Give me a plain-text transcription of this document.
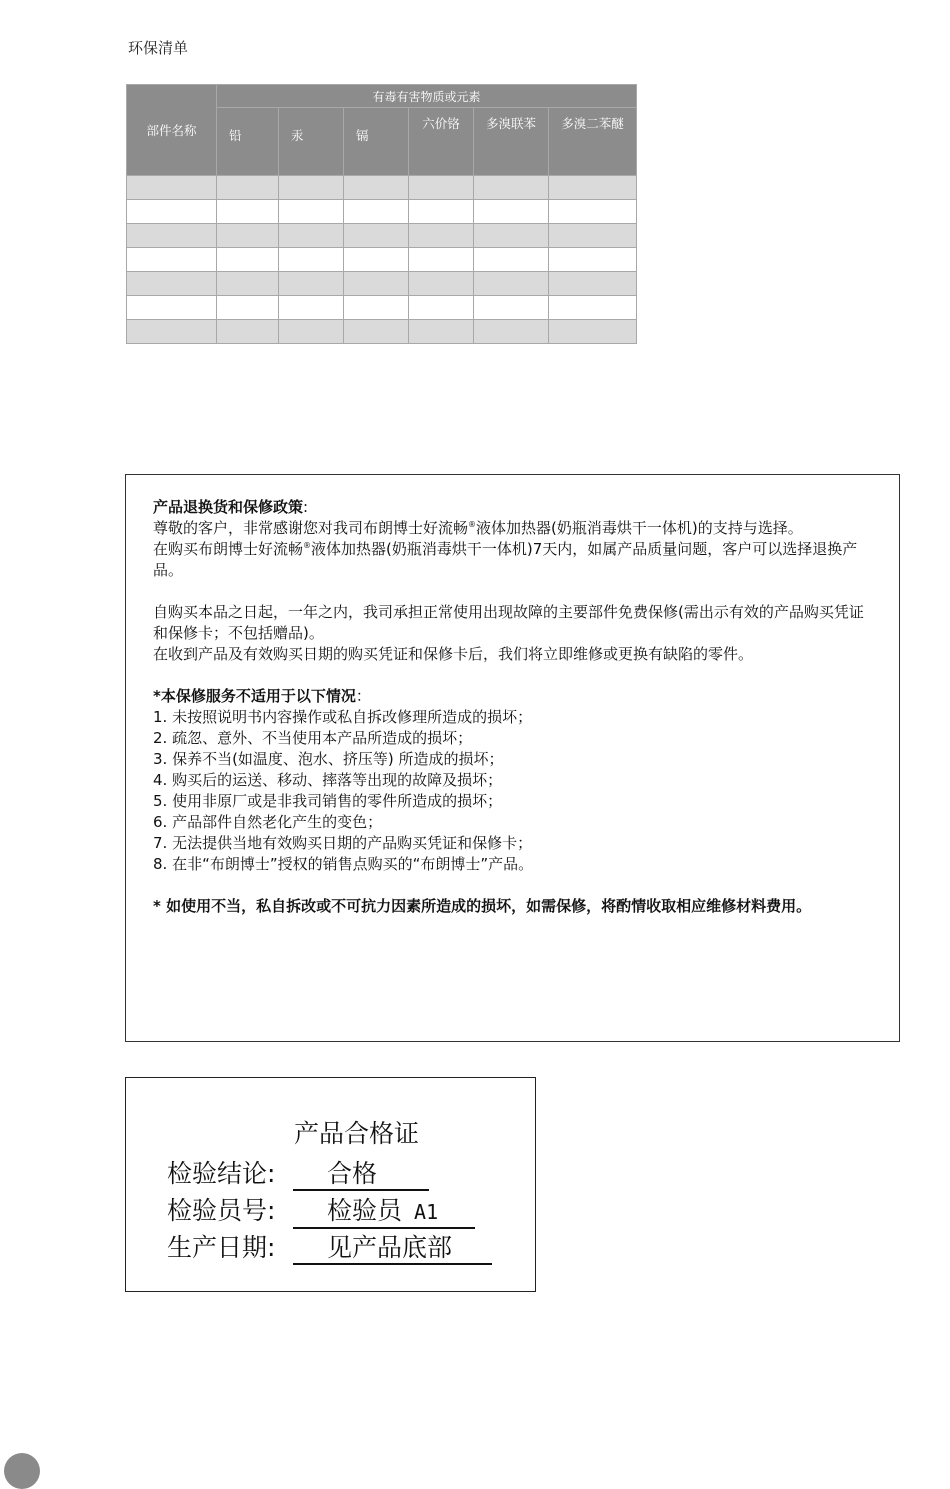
环保清单
部件名称	有毒有害物质或元素					
	铅	汞	镉	六价铬	多溴联苯	多溴二苯醚

产品退换货和保修政策:

尊敬的客户，非常感谢您对我司布朗博士好流畅®液体加热器(奶瓶消毒烘干一体机)的支持与选择。

在购买布朗博士好流畅®液体加热器(奶瓶消毒烘干一体机)7天内，如属产品质量问题，客户可以选择退换产品。

自购买本品之日起，一年之内，我司承担正常使用出现故障的主要部件免费保修(需出示有效的产品购买凭证和保修卡；不包括赠品)。

在收到产品及有效购买日期的购买凭证和保修卡后，我们将立即维修或更换有缺陷的零件。

*本保修服务不适用于以下情况：

1. 未按照说明书内容操作或私自拆改修理所造成的损坏；
2. 疏忽、意外、不当使用本产品所造成的损坏；
3. 保养不当(如温度、泡水、挤压等) 所造成的损坏；
4. 购买后的运送、移动、摔落等出现的故障及损坏；
5. 使用非原厂或是非我司销售的零件所造成的损坏；
6. 产品部件自然老化产生的变色；
7. 无法提供当地有效购买日期的产品购买凭证和保修卡；
8. 在非“布朗博士”授权的销售点购买的“布朗博士”产品。

* 如使用不当，私自拆改或不可抗力因素所造成的损坏，如需保修，将酌情收取相应维修材料费用。

产品合格证
检验结论: 合格
检验员号: 检验员 A1
生产日期: 见产品底部
